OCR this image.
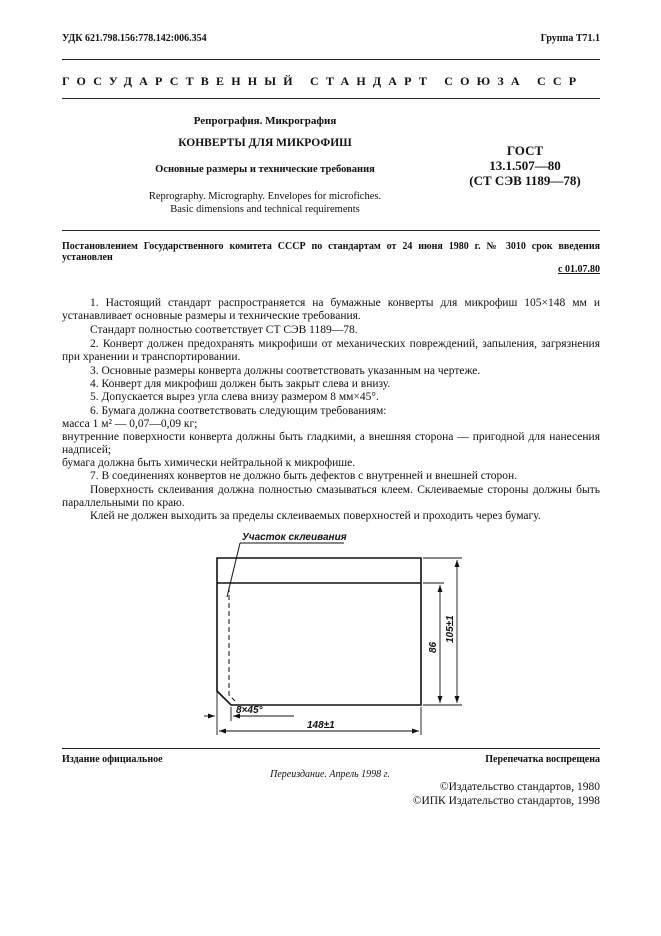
УДК 621.798.156:778.142:006.354	Группа Т71.1
ГОСУДАРСТВЕННЫЙ СТАНДАРТ СОЮЗА ССР
Репрография. Микрография
КОНВЕРТЫ ДЛЯ МИКРОФИШ
Основные размеры и технические требования
Reprography. Micrography. Envelopes for microfiches.
Basic dimensions and technical requirements
ГОСТ
13.1.507—80
(СТ СЭВ 1189—78)
Постановлением Государственного комитета СССР по стандартам от 24 июня 1980 г. № 3010 срок введения установлен
с 01.07.80
1. Настоящий стандарт распространяется на бумажные конверты для микрофиш 105×148 мм и устанавливает основные размеры и технические требования.
Стандарт полностью соответствует СТ СЭВ 1189—78.
2. Конверт должен предохранять микрофиши от механических повреждений, запыления, загрязнения при хранении и транспортировании.
3. Основные размеры конверта должны соответствовать указанным на чертеже.
4. Конверт для микрофиш должен быть закрыт слева и внизу.
5. Допускается вырез угла слева внизу размером 8 мм×45°.
6. Бумага должна соответствовать следующим требованиям:
масса 1 м² — 0,07—0,09 кг;
внутренние поверхности конверта должны быть гладкими, а внешняя сторона — пригодной для нанесения надписей;
бумага должна быть химически нейтральной к микрофише.
7. В соединениях конвертов не должно быть дефектов с внутренней и внешней сторон.
Поверхность склеивания должна полностью смазываться клеем. Склеиваемые стороны должны быть параллельными по краю.
Клей не должен выходить за пределы склеиваемых поверхностей и проходить через бумагу.
Участок склеивания
86
105±1
8×45°
148±1
Издание официальное	Перепечатка воспрещена
Переиздание. Апрель 1998 г.
©Издательство стандартов, 1980
©ИПК Издательство стандартов, 1998
